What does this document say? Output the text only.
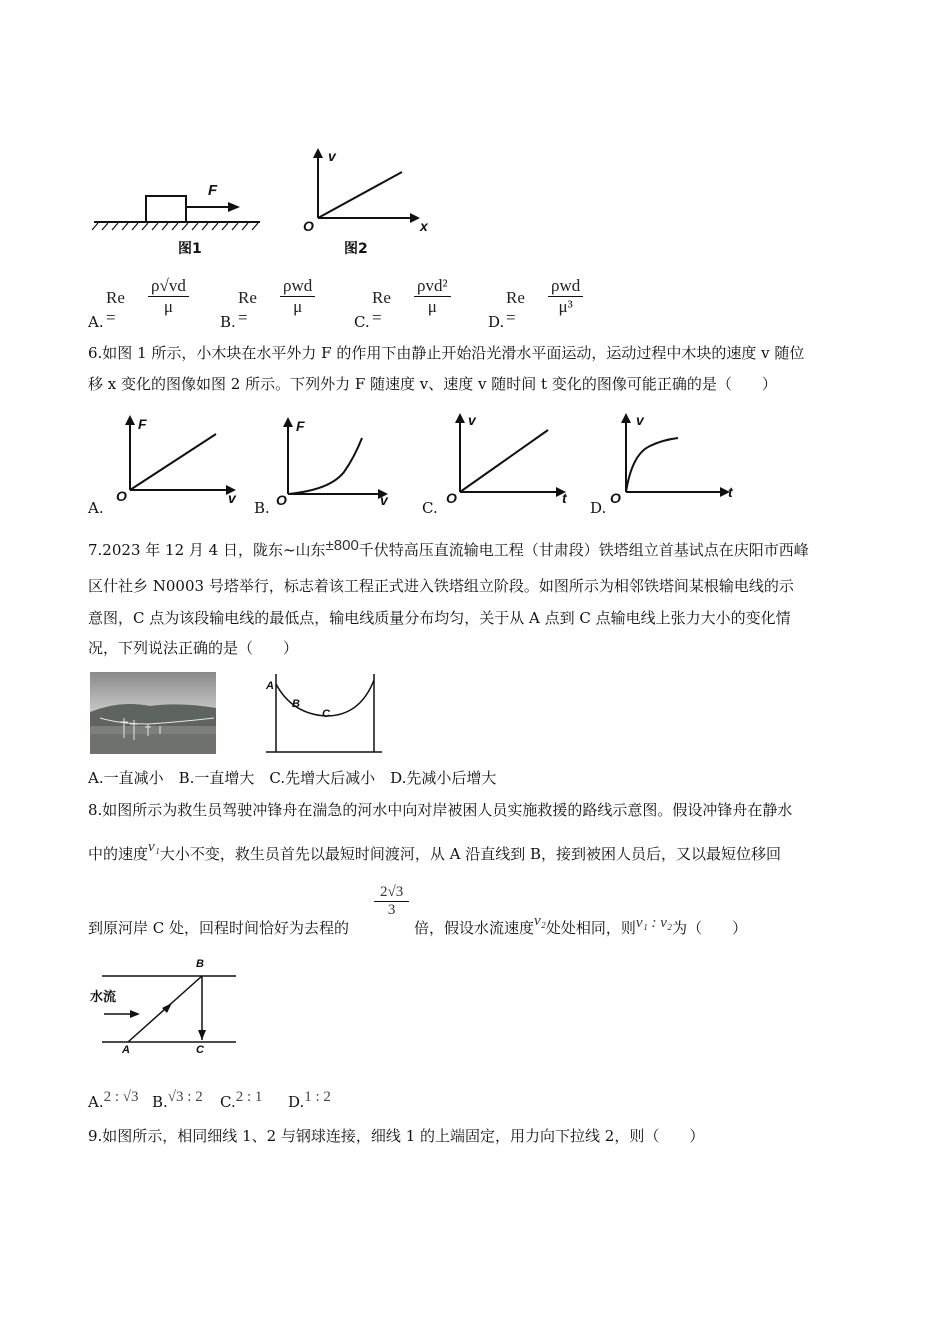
F
图1
v
x
O
图2
A.
Re =
$\frac{\rho√vd}{\mu}$
B.
Re =
ρwd
μ
C.
Re =
ρvd²
μ
D.
Re =
ρwd
μ³
6.如图 1 所示，小木块在水平外力 F 的作用下由静止开始沿光滑水平面运动，运动过程中木块的速度 v 随位
移 x 变化的图像如图 2 所示。下列外力 F 随速度 v、速度 v 随时间 t 变化的图像可能正确的是（　　）
A.
F
v
O
B.
F
v
O	C.
v
t
O
D.
v
t
O
7.2023 年 12 月 4 日，陇东~山东±800千伏特高压直流输电工程（甘肃段）铁塔组立首基试点在庆阳市西峰
区什社乡 N0003 号塔举行，标志着该工程正式进入铁塔组立阶段。如图所示为相邻铁塔间某根输电线的示
意图，C 点为该段输电线的最低点，输电线质量分布均匀，关于从 A 点到 C 点输电线上张力大小的变化情
况，下列说法正确的是（　　）
A
B
C
A.一直减小　B.一直增大　C.先增大后减小　D.先减小后增大
8.如图所示为救生员驾驶冲锋舟在湍急的河水中向对岸被困人员实施救援的路线示意图。假设冲锋舟在静水
中的速度v₁大小不变，救生员首先以最短时间渡河，从 A 沿直线到 B，接到被困人员后，又以最短位移回
到原河岸 C 处，回程时间恰好为去程的
$\frac{2√3}{3}$
倍，假设水流速度v₂处处相同，则v₁ : v₂为（　　）
水流
B
A	C
A.2 : √3 B.√3 : 2 C.2 : 1 D.1 : 2
9.如图所示，相同细线 1、2 与钢球连接，细线 1 的上端固定，用力向下拉线 2，则（　　）
